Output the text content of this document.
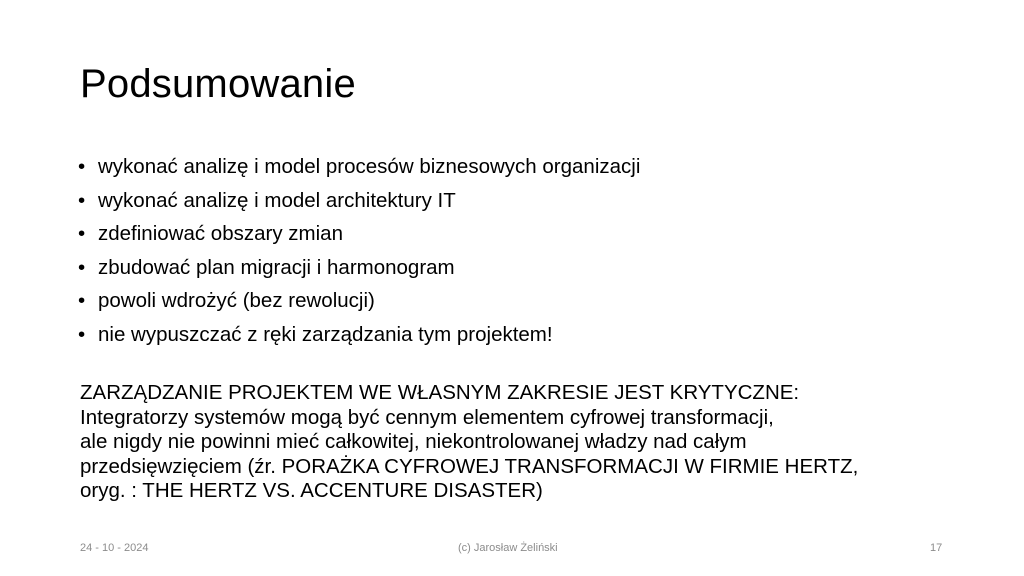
Podsumowanie
• wykonać analizę i model procesów biznesowych organizacji
• wykonać analizę i model architektury IT
• zdefiniować obszary zmian
• zbudować plan migracji i harmonogram
• powoli wdrożyć (bez rewolucji)
• nie wypuszczać z ręki zarządzania tym projektem!
ZARZĄDZANIE PROJEKTEM WE WŁASNYM ZAKRESIE JEST KRYTYCZNE:
Integratorzy systemów mogą być cennym elementem cyfrowej transformacji,
ale nigdy nie powinni mieć całkowitej, niekontrolowanej władzy nad całym
przedsięwzięciem (źr. PORAŻKA CYFROWEJ TRANSFORMACJI W FIRMIE HERTZ,
oryg. : THE HERTZ VS. ACCENTURE DISASTER)
24 - 10 - 2024	(c) Jarosław Żeliński	17
